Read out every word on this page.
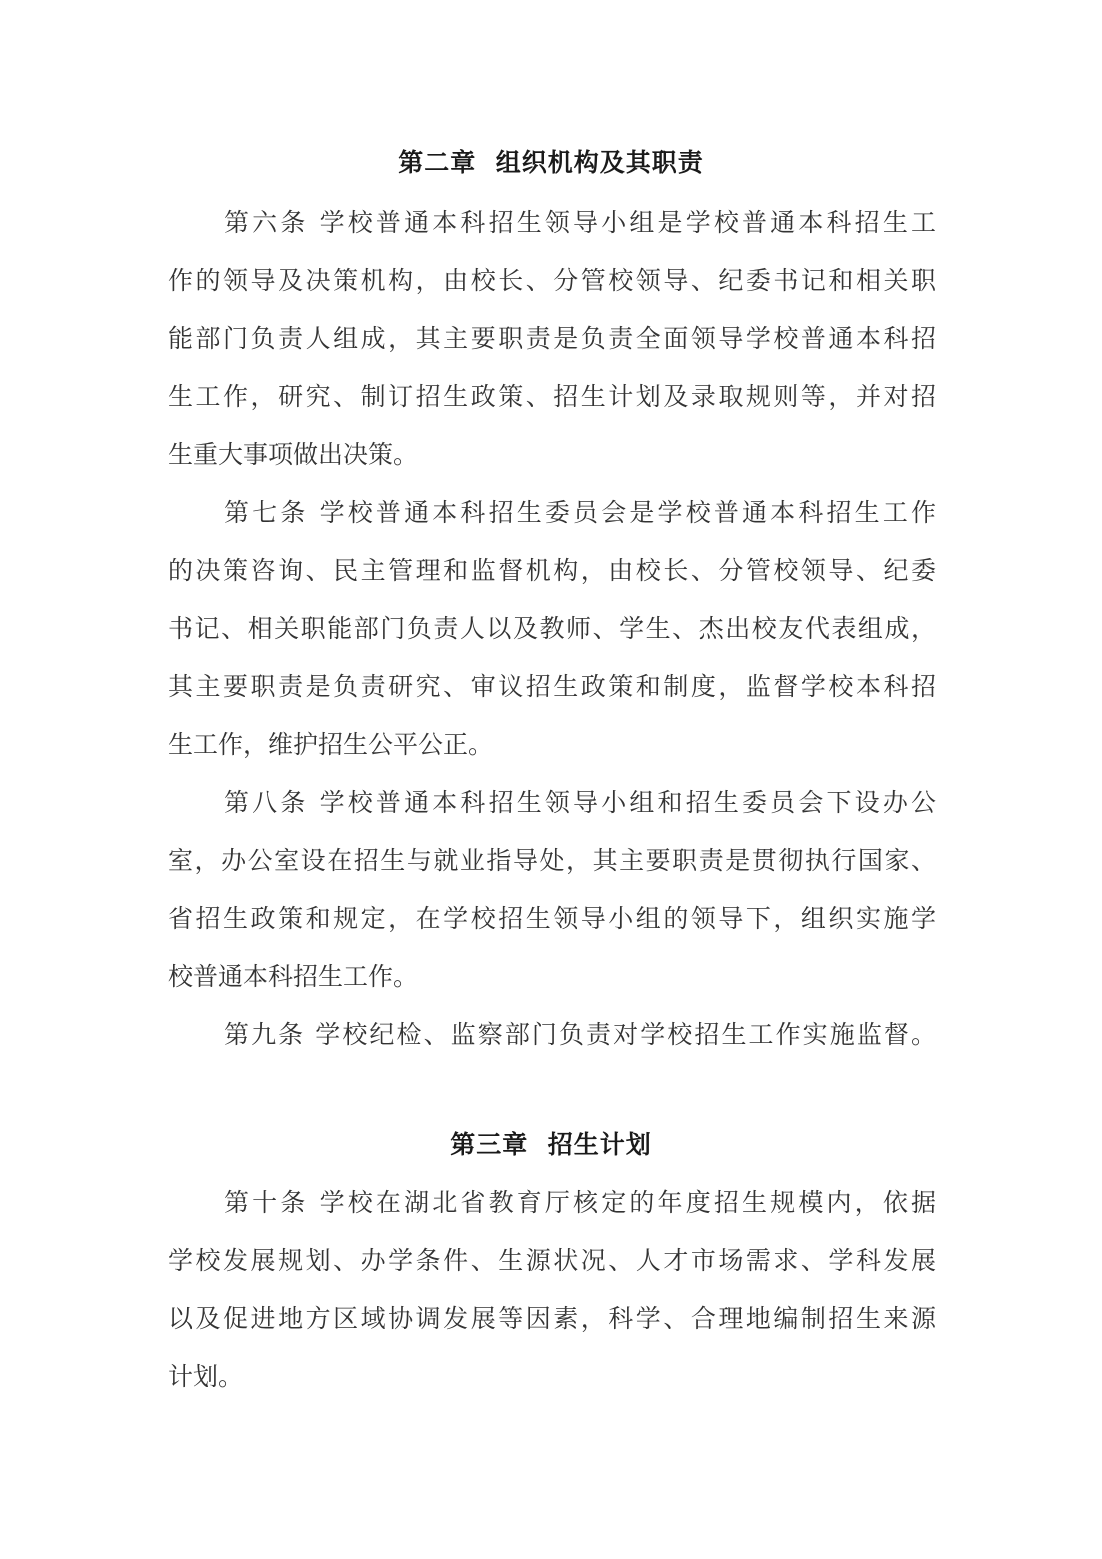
第二章  组织机构及其职责
第六条 学校普通本科招生领导小组是学校普通本科招生工
作的领导及决策机构，由校长、分管校领导、纪委书记和相关职
能部门负责人组成，其主要职责是负责全面领导学校普通本科招
生工作，研究、制订招生政策、招生计划及录取规则等，并对招
生重大事项做出决策。
第七条 学校普通本科招生委员会是学校普通本科招生工作
的决策咨询、民主管理和监督机构，由校长、分管校领导、纪委
书记、相关职能部门负责人以及教师、学生、杰出校友代表组成，
其主要职责是负责研究、审议招生政策和制度，监督学校本科招
生工作，维护招生公平公正。
第八条 学校普通本科招生领导小组和招生委员会下设办公
室，办公室设在招生与就业指导处，其主要职责是贯彻执行国家、
省招生政策和规定，在学校招生领导小组的领导下，组织实施学
校普通本科招生工作。
第九条 学校纪检、监察部门负责对学校招生工作实施监督。
第三章  招生计划
第十条 学校在湖北省教育厅核定的年度招生规模内，依据
学校发展规划、办学条件、生源状况、人才市场需求、学科发展
以及促进地方区域协调发展等因素，科学、合理地编制招生来源
计划。
